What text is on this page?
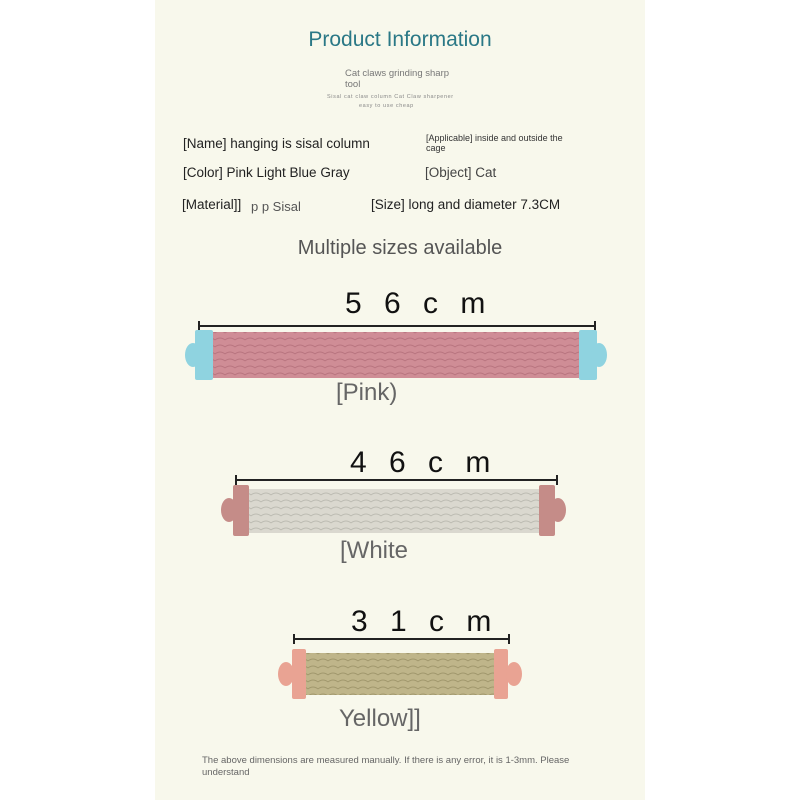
Product Information
Cat claws grinding sharp tool
Sisal cat claw column Cat Claw sharpener
easy to use cheap
[Name] hanging is sisal column	[Applicable] inside and outside the cage
[Color] Pink Light Blue Gray	[Object] Cat
[Material]] p p Sisal	[Size] long and diameter 7.3CM
Multiple sizes available
5 6 c m
[Pink)
4 6 c m
[White
3 1 c m
Yellow]]
The above dimensions are measured manually. If there is any error, it is 1-3mm. Please understand
